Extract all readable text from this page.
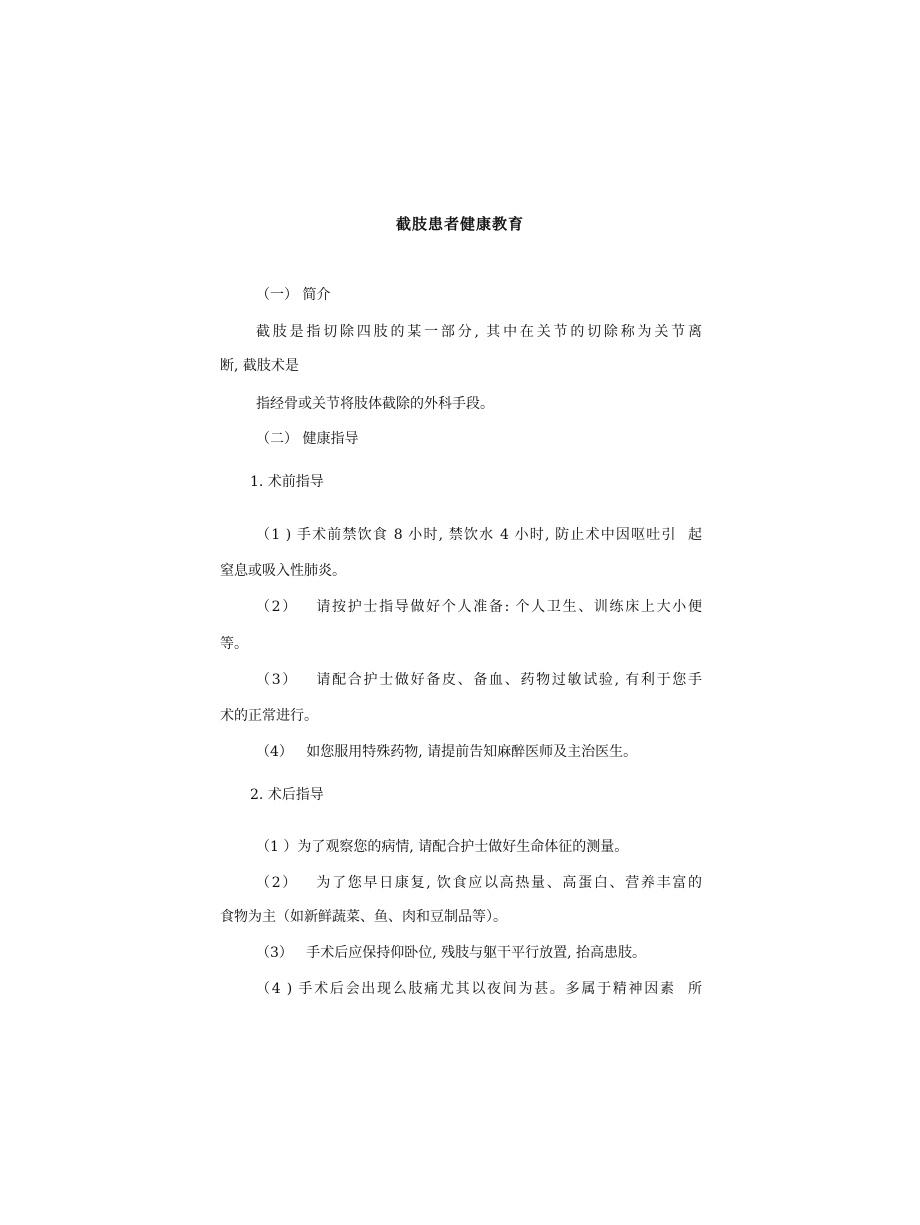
截肢患者健康教育
（一） 简介
截肢是指切除四肢的某一部分, 其中在关节的切除称为关节离
断, 截肢术是
指经骨或关节将肢体截除的外科手段。
（二） 健康指导
1. 术前指导
（1 ) 手术前禁饮食 8 小时, 禁饮水 4 小时, 防止术中因呕吐引  起
窒息或吸入性肺炎。
（2）   请按护士指导做好个人准备: 个人卫生、训练床上大小便
等。
（3）   请配合护士做好备皮、备血、药物过敏试验, 有利于您手
术的正常进行。
（4）   如您服用特殊药物, 请提前告知麻醉医师及主治医生。
2. 术后指导
（1 ）为了观察您的病情, 请配合护士做好生命体征的测量。
（2）   为了您早日康复, 饮食应以高热量、高蛋白、营养丰富的
食物为主（如新鲜蔬菜、鱼、肉和豆制品等）。
（3）   手术后应保持仰卧位, 残肢与躯干平行放置, 抬高患肢。
（4 ) 手术后会出现么肢痛尤其以夜间为甚。多属于精神因素  所
